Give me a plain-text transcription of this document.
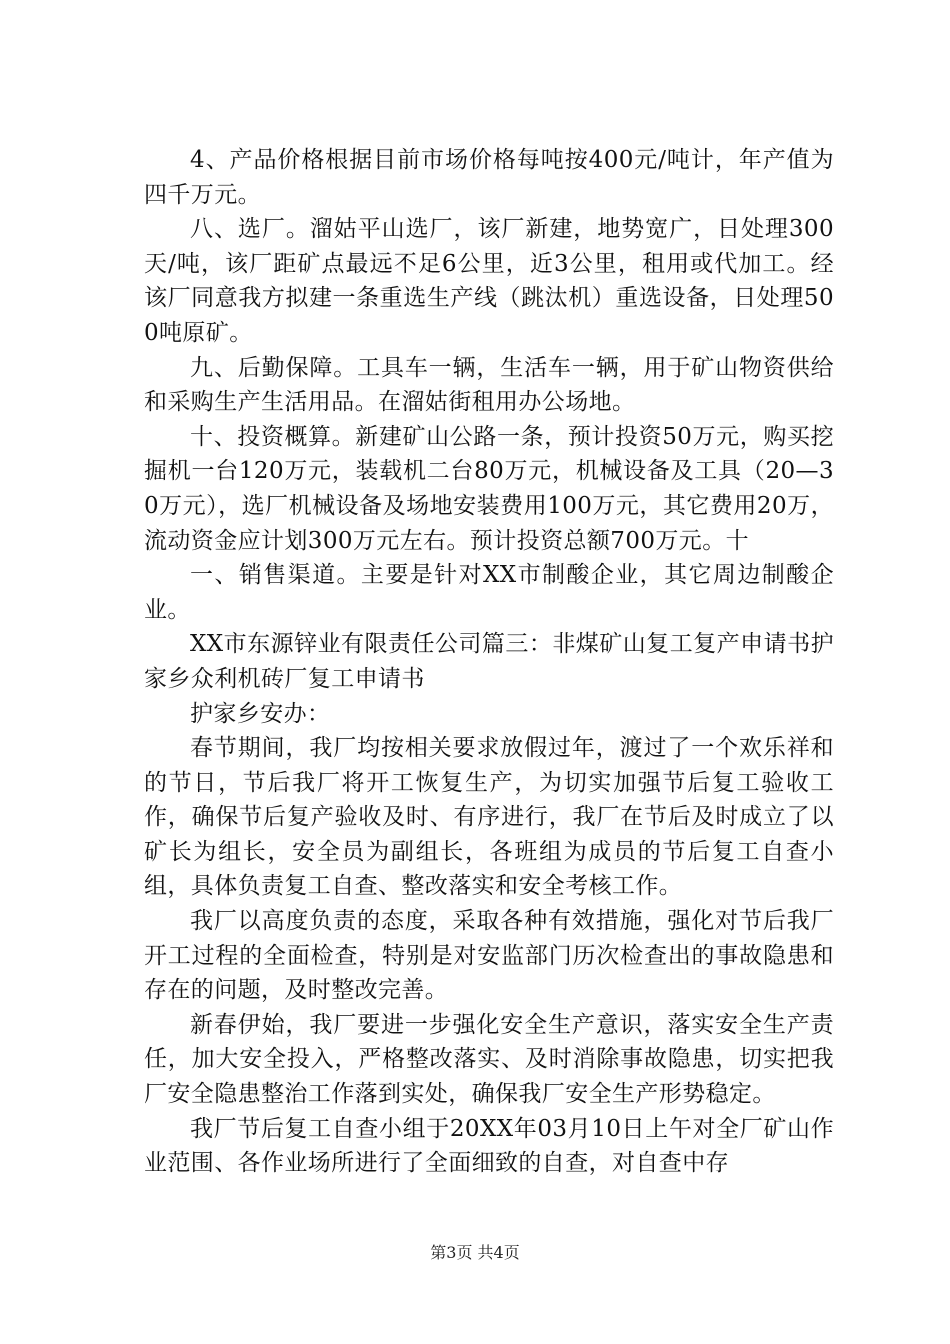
4、产品价格根据目前市场价格每吨按400元/吨计，年产值为四千万元。

八、选厂。溜姑平山选厂，该厂新建，地势宽广，日处理300天/吨，该厂距矿点最远不足6公里，近3公里，租用或代加工。经该厂同意我方拟建一条重选生产线（跳汰机）重选设备，日处理500吨原矿。

九、后勤保障。工具车一辆，生活车一辆，用于矿山物资供给和采购生产生活用品。在溜姑街租用办公场地。

十、投资概算。新建矿山公路一条，预计投资50万元，购买挖掘机一台120万元，装载机二台80万元，机械设备及工具（20—30万元），选厂机械设备及场地安装费用100万元，其它费用20万，流动资金应计划300万元左右。预计投资总额700万元。十

一、销售渠道。主要是针对XX市制酸企业，其它周边制酸企业。

XX市东源锌业有限责任公司篇三：非煤矿山复工复产申请书护家乡众利机砖厂复工申请书

护家乡安办：

春节期间，我厂均按相关要求放假过年，渡过了一个欢乐祥和的节日，节后我厂将开工恢复生产，为切实加强节后复工验收工作，确保节后复产验收及时、有序进行，我厂在节后及时成立了以矿长为组长，安全员为副组长，各班组为成员的节后复工自查小组，具体负责复工自查、整改落实和安全考核工作。

我厂以高度负责的态度，采取各种有效措施，强化对节后我厂开工过程的全面检查，特别是对安监部门历次检查出的事故隐患和存在的问题，及时整改完善。

新春伊始，我厂要进一步强化安全生产意识，落实安全生产责任，加大安全投入，严格整改落实、及时消除事故隐患，切实把我厂安全隐患整治工作落到实处，确保我厂安全生产形势稳定。

我厂节后复工自查小组于20XX年03月10日上午对全厂矿山作业范围、各作业场所进行了全面细致的自查，对自查中存

第3页 共4页
